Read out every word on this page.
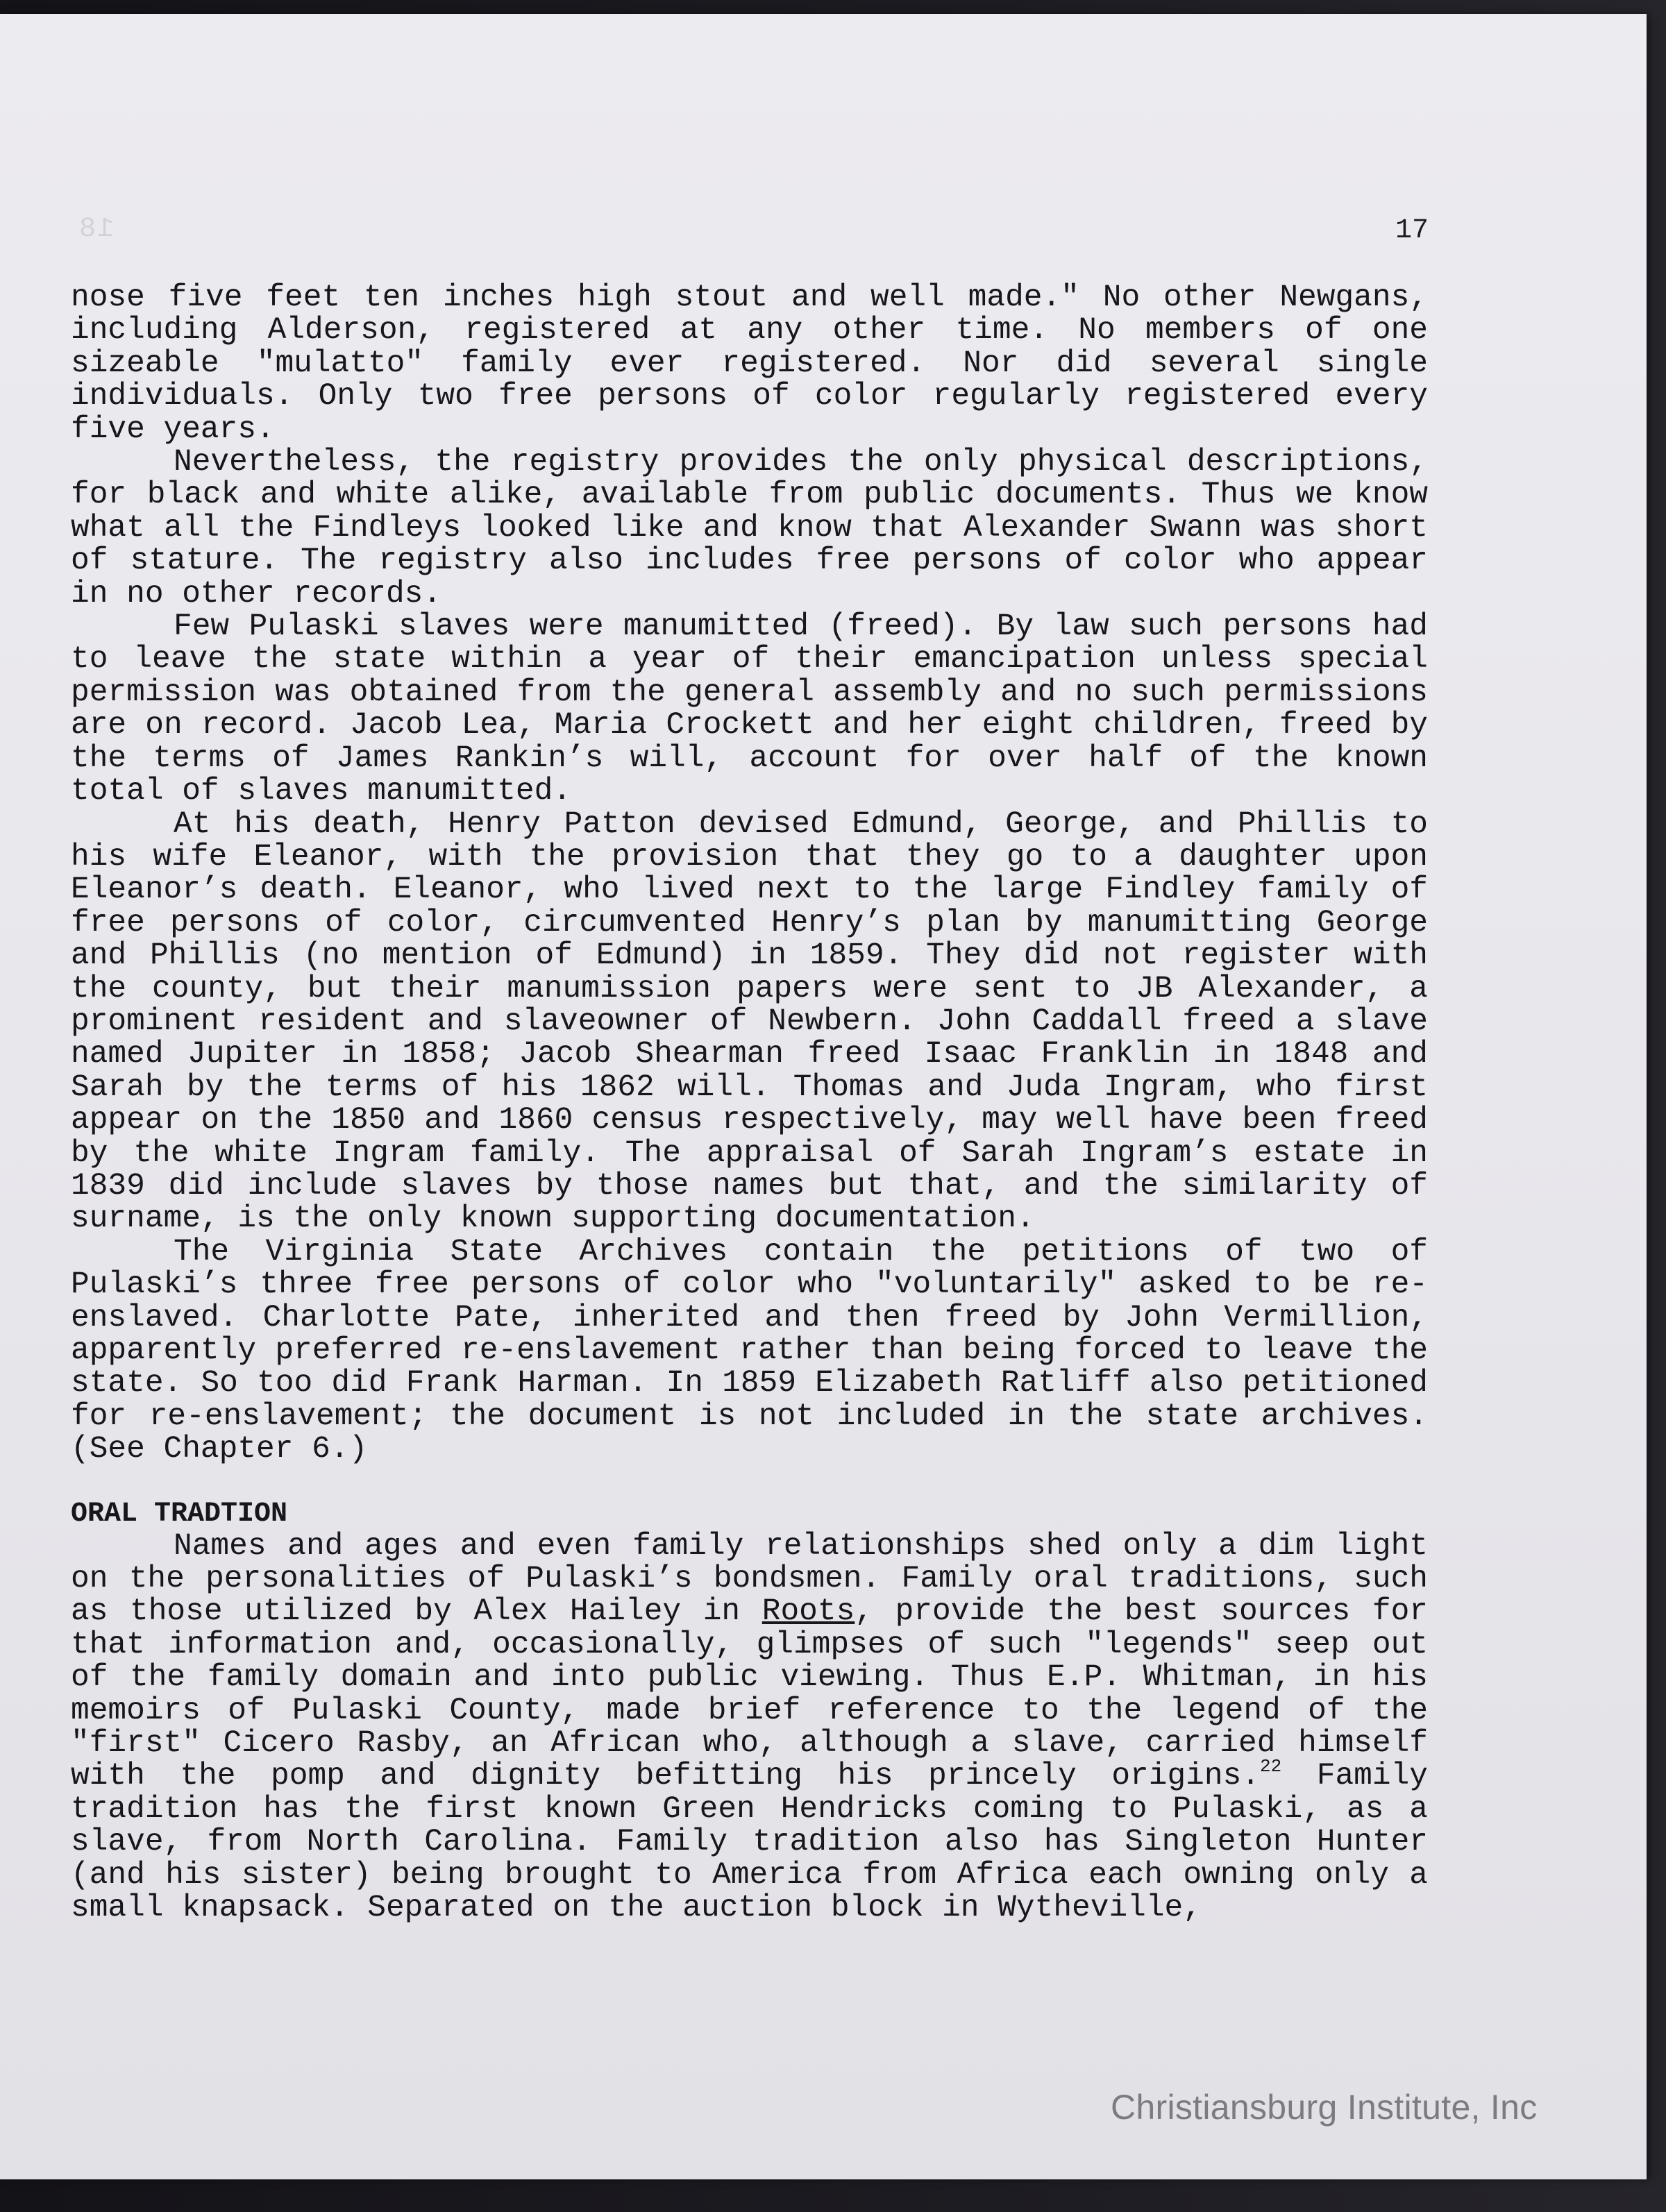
18	17

nose five feet ten inches high stout and well made." No other Newgans, including Alderson, registered at any other time. No members of one sizeable "mulatto" family ever registered. Nor did several single individuals. Only two free persons of color regularly registered every five years.

Nevertheless, the registry provides the only physical descriptions, for black and white alike, available from public documents. Thus we know what all the Findleys looked like and know that Alexander Swann was short of stature. The registry also includes free persons of color who appear in no other records.

Few Pulaski slaves were manumitted (freed). By law such persons had to leave the state within a year of their emancipation unless special permission was obtained from the general assembly and no such permissions are on record. Jacob Lea, Maria Crockett and her eight children, freed by the terms of James Rankin’s will, account for over half of the known total of slaves manumitted.

At his death, Henry Patton devised Edmund, George, and Phillis to his wife Eleanor, with the provision that they go to a daughter upon Eleanor’s death. Eleanor, who lived next to the large Findley family of free persons of color, circumvented Henry’s plan by manumitting George and Phillis (no mention of Edmund) in 1859. They did not register with the county, but their manumission papers were sent to JB Alexander, a prominent resident and slaveowner of Newbern. John Caddall freed a slave named Jupiter in 1858; Jacob Shearman freed Isaac Franklin in 1848 and Sarah by the terms of his 1862 will. Thomas and Juda Ingram, who first appear on the 1850 and 1860 census respectively, may well have been freed by the white Ingram family. The appraisal of Sarah Ingram’s estate in 1839 did include slaves by those names but that, and the similarity of surname, is the only known supporting documentation.

The Virginia State Archives contain the petitions of two of Pulaski’s three free persons of color who "voluntarily" asked to be re-enslaved. Charlotte Pate, inherited and then freed by John Vermillion, apparently preferred re-enslavement rather than being forced to leave the state. So too did Frank Harman. In 1859 Elizabeth Ratliff also petitioned for re-enslavement; the document is not included in the state archives. (See Chapter 6.)

ORAL TRADTION

Names and ages and even family relationships shed only a dim light on the personalities of Pulaski’s bondsmen. Family oral traditions, such as those utilized by Alex Hailey in Roots, provide the best sources for that information and, occasionally, glimpses of such "legends" seep out of the family domain and into public viewing. Thus E.P. Whitman, in his memoirs of Pulaski County, made brief reference to the legend of the "first" Cicero Rasby, an African who, although a slave, carried himself with the pomp and dignity befitting his princely origins.$^{22}$ Family tradition has the first known Green Hendricks coming to Pulaski, as a slave, from North Carolina. Family tradition also has Singleton Hunter (and his sister) being brought to America from Africa each owning only a small knapsack. Separated on the auction block in Wytheville,

Christiansburg Institute, Inc
